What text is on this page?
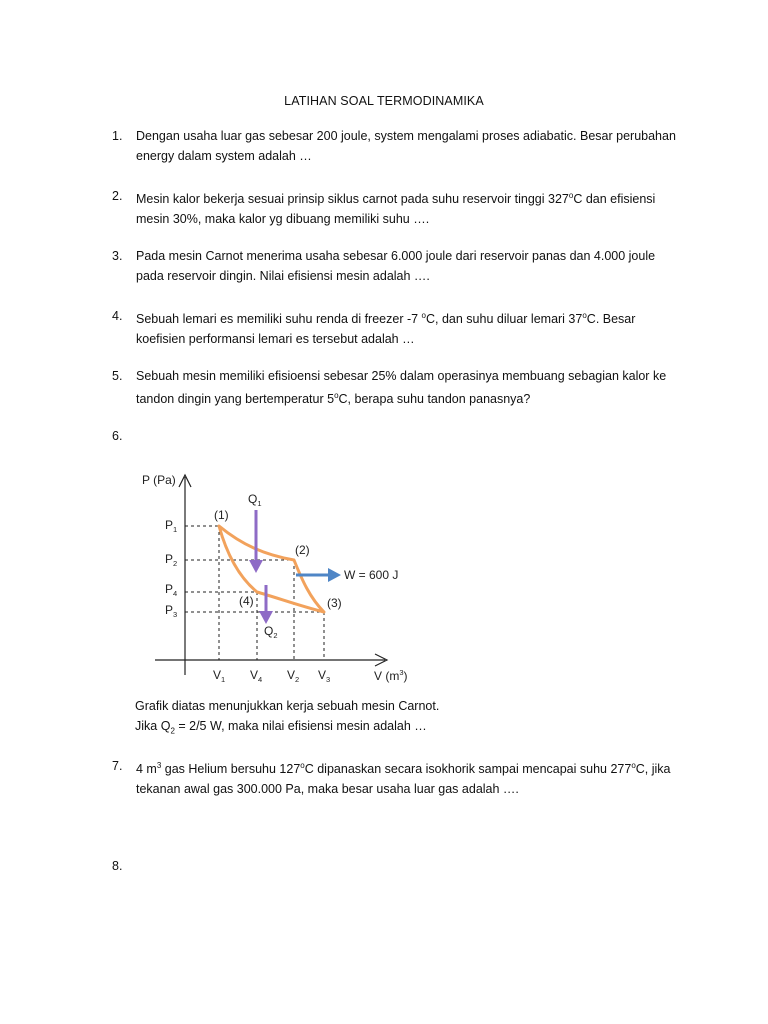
LATIHAN SOAL TERMODINAMIKA
1. Dengan usaha luar gas sebesar 200 joule, system mengalami proses adiabatic. Besar perubahan
energy dalam system adalah …
2. Mesin kalor bekerja sesuai prinsip siklus carnot pada suhu reservoir tinggi 327$^o$C dan efisiensi
mesin 30%, maka kalor yg dibuang memiliki suhu ….
3. Pada mesin Carnot menerima usaha sebesar 6.000 joule dari reservoir panas dan 4.000 joule
pada reservoir dingin. Nilai efisiensi mesin adalah ….
4. Sebuah lemari es memiliki suhu renda di freezer -7 $^o$C, dan suhu diluar lemari 37$^o$C. Besar
koefisien performansi lemari es tersebut adalah …
5. Sebuah mesin memiliki efisioensi sebesar 25% dalam operasinya membuang sebagian kalor ke
tandon dingin yang bertemperatur 5$^o$C, berapa suhu tandon panasnya?
6.
P (Pa)
V $(m^3)$
$P_1$
$P_2$
$P_4$
$P_3$
$V_1$ $V_4$ $V_2$ $V_3$
(1)
(2)
(3)
(4)
$Q_1$
$Q_2$
W = 600 J
Grafik diatas menunjukkan kerja sebuah mesin Carnot.
Jika $Q_2 = 2/5$ W, maka nilai efisiensi mesin adalah …
7. 4 $m^3$ gas Helium bersuhu 127$^o$C dipanaskan secara isokhorik sampai mencapai suhu 277$^o$C, jika
tekanan awal gas 300.000 Pa, maka besar usaha luar gas adalah ….
8.
